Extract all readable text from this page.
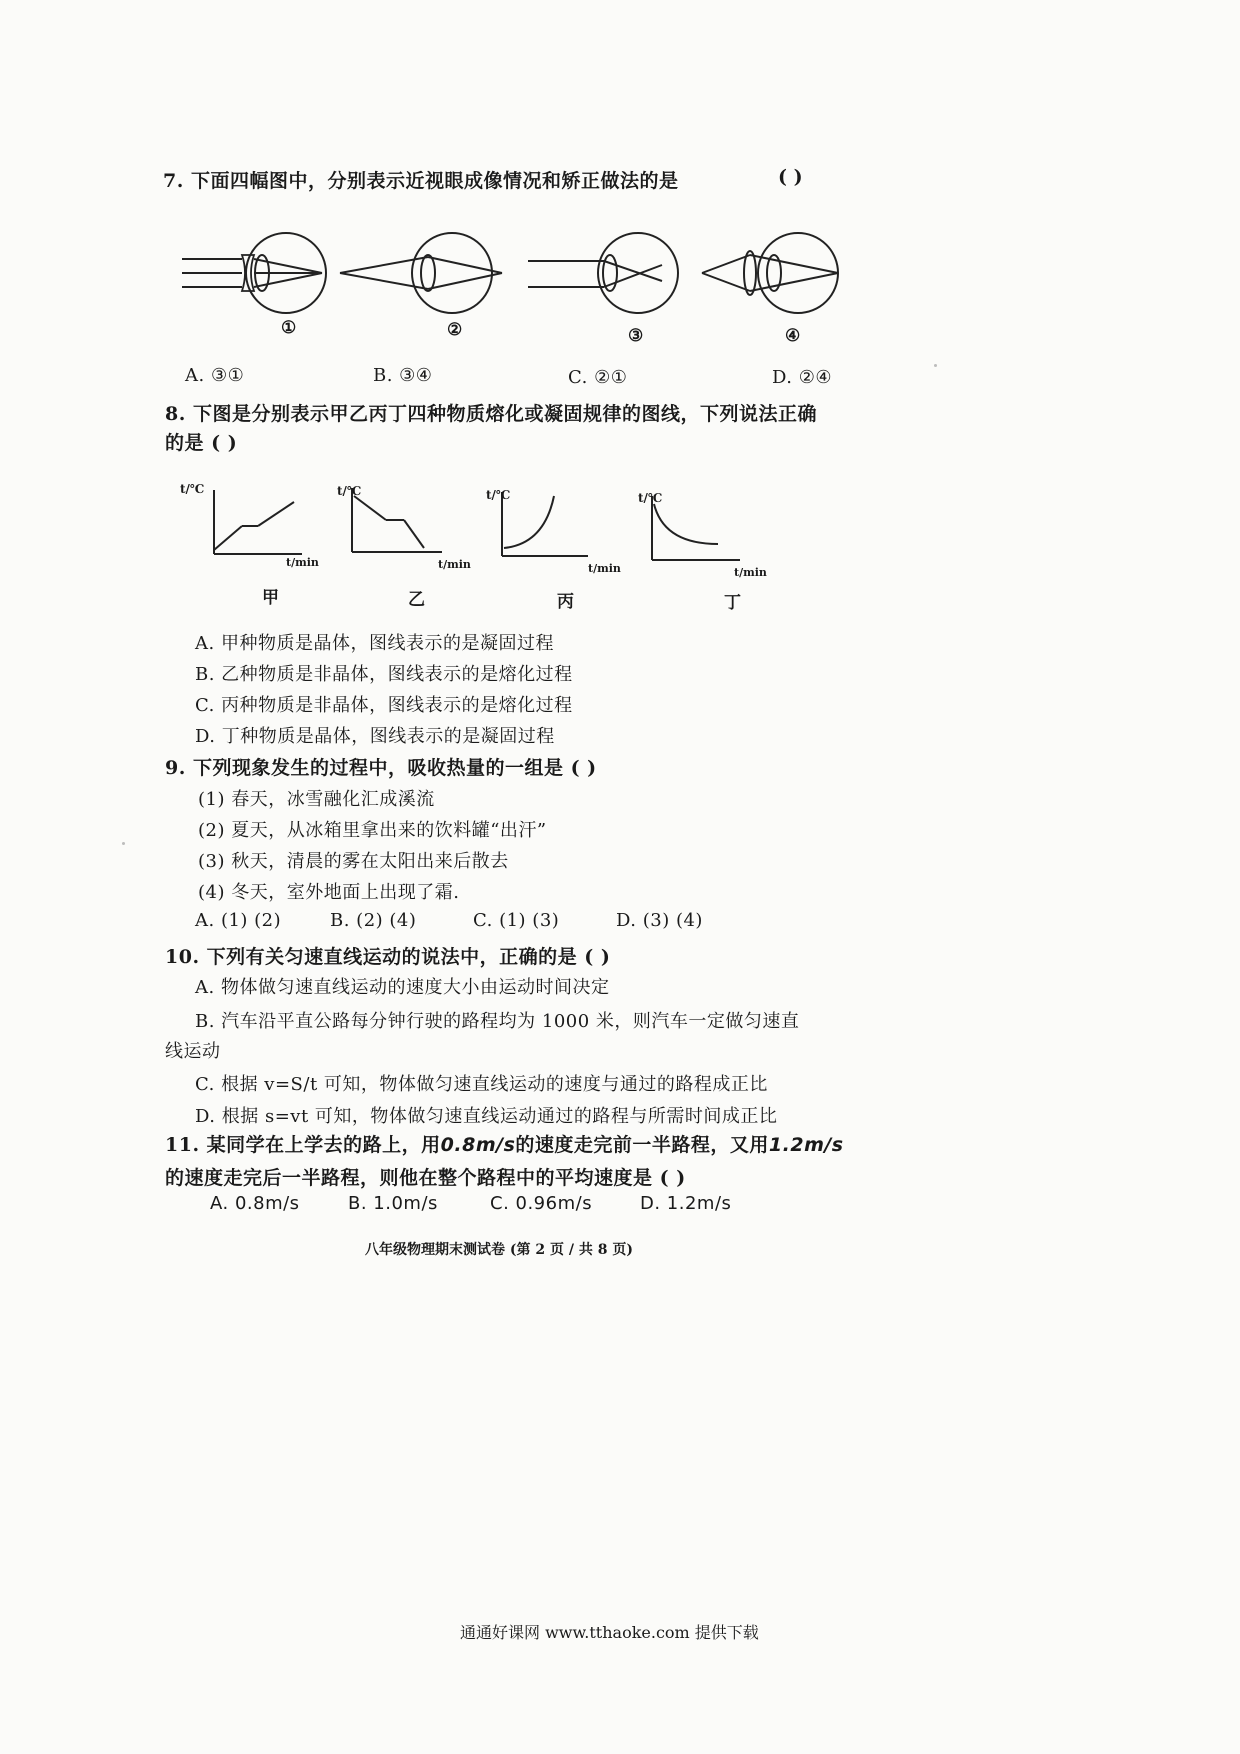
7. 下面四幅图中，分别表示近视眼成像情况和矫正做法的是	( )
①	②	③	④
A. ③①	B. ③④	C. ②①	D. ②④
8. 下图是分别表示甲乙丙丁四种物质熔化或凝固规律的图线，下列说法正确
的是 ( )
t/℃
t/min
t/℃
t/min
t/℃
t/min
t/℃
t/min
甲	乙	丙	丁
A. 甲种物质是晶体，图线表示的是凝固过程
B. 乙种物质是非晶体，图线表示的是熔化过程
C. 丙种物质是非晶体，图线表示的是熔化过程
D. 丁种物质是晶体，图线表示的是凝固过程
9. 下列现象发生的过程中，吸收热量的一组是 ( )
(1) 春天，冰雪融化汇成溪流
(2) 夏天，从冰箱里拿出来的饮料罐“出汗”
(3) 秋天，清晨的雾在太阳出来后散去
(4) 冬天，室外地面上出现了霜.
A. (1) (2)	B. (2) (4)	C. (1) (3)	D. (3) (4)
10. 下列有关匀速直线运动的说法中，正确的是 ( )
A. 物体做匀速直线运动的速度大小由运动时间决定
B. 汽车沿平直公路每分钟行驶的路程均为 1000 米，则汽车一定做匀速直
线运动
C. 根据 v=S/t 可知，物体做匀速直线运动的速度与通过的路程成正比
D. 根据 s=vt 可知，物体做匀速直线运动通过的路程与所需时间成正比
11. 某同学在上学去的路上，用0.8m/s的速度走完前一半路程，又用1.2m/s
的速度走完后一半路程，则他在整个路程中的平均速度是 ( )
A. 0.8m/s	B. 1.0m/s	C. 0.96m/s	D. 1.2m/s
八年级物理期末测试卷 (第 2 页 / 共 8 页)
通通好课网 www.tthaoke.com 提供下载
